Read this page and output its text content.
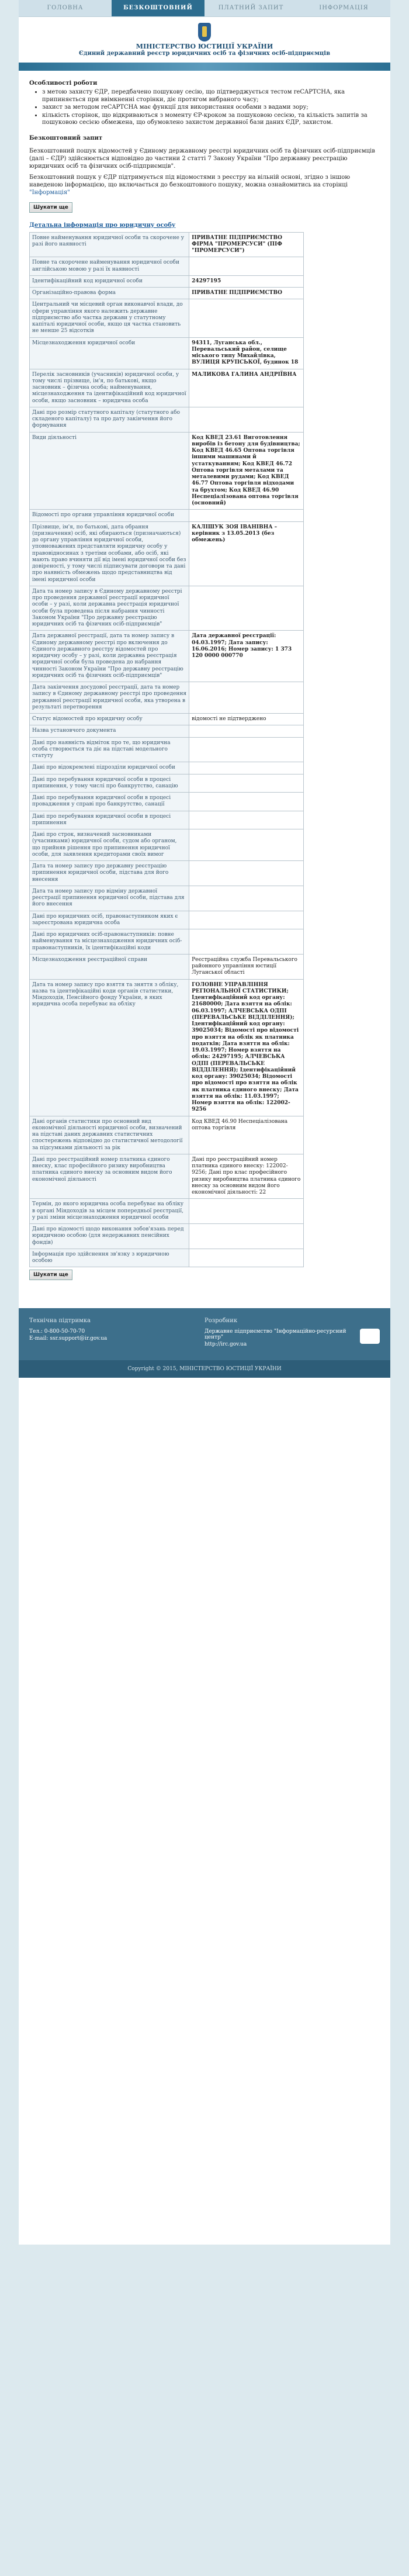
ГОЛОВНА	БЕЗКОШТОВНИЙ ЗАПИТ
ПЛАТНИЙ ЗАПИТ	ІНФОРМАЦІЯ
МІНІСТЕРСТВО ЮСТИЦІЇ УКРАЇНИ
Єдиний державний реєстр юридичних осіб та фізичних осіб-підприємців
Особливості роботи
• з метою захисту ЄДР, передбачено пошукову сесію, що підтверджується тестом reCAPTCHA, яка припиняється при ввімкненні сторінки, діє протягом вибраного часу;
• захист за методом reCAPTCHA має функції для використання особами з вадами зору;
• кількість сторінок, що відкриваються з моменту ЄР-кроком за пошуковою сесією, та кількість запитів за пошуковою сесією обмежена, що обумовлено захистом державної бази даних ЄДР, захистом.
Безкоштовний запит

Безкоштовний пошук відомостей у Єдиному державному реєстрі юридичних осіб та фізичних осіб-підприємців (далі – ЄДР) здійснюється відповідно до частини 2 статті 7 Закону України "Про державну реєстрацію юридичних осіб та фізичних осіб-підприємців".

Безкоштовний пошук у ЄДР підтримується під відомостями з реєстру на вільній основі, згідно з іншою наведеною інформацією, що включається до безкоштовного пошуку, можна ознайомитись на сторінці "Інформація"

Шукати ще
Детальна інформація про юридичну особу
Повне найменування юридичної особи та скорочене у разі його наявності	ПРИВАТНЕ ПІДПРИЄМСТВО ФІРМА "ПРОМЕРСУСИ" (ПІФ "ПРОМЕРСУСИ")
Повне та скорочене найменування юридичної особи англійською мовою у разі їх наявності	
Ідентифікаційний код юридичної особи	24297195
Організаційно-правова форма	ПРИВАТНЕ ПІДПРИЄМСТВО
Центральний чи місцевий орган виконавчої влади, до сфери управління якого належить державне підприємство або частка держави у статутному капіталі юридичної особи, якщо ця частка становить не менше 25 відсотків	
Місцезнаходження юридичної особи	94311, Луганська обл., Перевальський район, селище міського типу Михайлівка, ВУЛИЦЯ КРУПСЬКОЇ, будинок 18
Перелік засновників (учасників) юридичної особи, у тому числі прізвище, ім'я, по батькові, якщо засновник – фізична особа; найменування, місцезнаходження та ідентифікаційний код юридичної особи, якщо засновник – юридична особа	МАЛИКОВА ГАЛИНА АНДРІЇВНА
Дані про розмір статутного капіталу (статутного або складеного капіталу) та про дату закінчення його формування	
Види діяльності	Код КВЕД 23.61 Виготовлення виробів із бетону для будівництва; Код КВЕД 46.65 Оптова торгівля іншими машинами й устаткуванням; Код КВЕД 46.72 Оптова торгівля металами та металевими рудами; Код КВЕД 46.77 Оптова торгівля відходами та брухтом; Код КВЕД 46.90 Неспеціалізована оптова торгівля (основний)
Відомості про органи управління юридичної особи	
Прізвище, ім'я, по батькові, дата обрання (призначення) осіб, які обираються (призначаються) до органу управління юридичної особи, уповноважених представляти юридичну особу у правовідносинах з третіми особами, або осіб, які мають право вчиняти дії від імені юридичної особи без довіреності, у тому числі підписувати договори та дані про наявність обмежень щодо представництва від імені юридичної особи	КАЛІШУК ЗОЯ ІВАНІВНА – керівник з 13.05.2013 (без обмежень)
Дата та номер запису в Єдиному державному реєстрі про проведення державної реєстрації юридичної особи – у разі, коли державна реєстрація юридичної особи була проведена після набрання чинності Законом України "Про державну реєстрацію юридичних осіб та фізичних осіб-підприємців"	
Дата державної реєстрації, дата та номер запису в Єдиному державному реєстрі про включення до Єдиного державного реєстру відомостей про юридичну особу – у разі, коли державна реєстрація юридичної особи була проведена до набрання чинності Законом України "Про державну реєстрацію юридичних осіб та фізичних осіб-підприємців"	Дата державної реєстрації: 04.03.1997; Дата запису: 16.06.2016; Номер запису: 1 373 120 0000 000770
Дата закінчення досудової реєстрації, дата та номер запису в Єдиному державному реєстрі про проведення державної реєстрації юридичної особи, яка утворена в результаті перетворення	
Статус відомостей про юридичну особу	відомості не підтверджено
Назва установчого документа	
Дані про наявність відміток про те, що юридична особа створюється та діє на підставі модельного статуту	
Дані про відокремлені підрозділи юридичної особи	
Дані про перебування юридичної особи в процесі припинення, у тому числі про банкрутство, санацію	
Дані про перебування юридичної особи в процесі провадження у справі про банкрутство, санації	
Дані про перебування юридичної особи в процесі припинення	
Дані про строк, визначений засновниками (учасниками) юридичної особи, судом або органом, що прийняв рішення про припинення юридичної особи, для заявлення кредиторами своїх вимог	
Дата та номер запису про державну реєстрацію припинення юридичної особи, підстава для його внесення	
Дата та номер запису про відміну державної реєстрації припинення юридичної особи, підстава для його внесення	
Дані про юридичних осіб, правонаступником яких є зареєстрована юридична особа	
Дані про юридичних осіб-правонаступників: повне найменування та місцезнаходження юридичних осіб-правонаступників, їх ідентифікаційні коди	
Місцезнаходження реєстраційної справи	Реєстраційна служба Перевальського районного управління юстиції Луганської області
Дата та номер запису про взяття та зняття з обліку, назва та ідентифікаційні коди органів статистики, Міндоходів, Пенсійного фонду України, в яких юридична особа перебуває на обліку	ГОЛОВНЕ УПРАВЛІННЯ РЕГІОНАЛЬНОЇ СТАТИСТИКИ; Ідентифікаційний код органу: 21680000; Дата взяття на облік: 06.03.1997; АЛЧЕВСЬКА ОДПІ (ПЕРЕВАЛЬСЬКЕ ВІДДІЛЕННЯ); Ідентифікаційний код органу: 39025034; Відомості про відомості про взяття на облік як платника податків; Дата взяття на облік: 19.03.1997; Номер взяття на облік: 24297195; АЛЧЕВСЬКА ОДПІ (ПЕРЕВАЛЬСЬКЕ ВІДДІЛЕННЯ); Ідентифікаційний код органу: 39025034; Відомості про відомості про взяття на облік як платника єдиного внеску; Дата взяття на облік: 11.03.1997; Номер взяття на облік: 122002-9256
Дані органів статистики про основний вид економічної діяльності юридичної особи, визначений на підставі даних державних статистичних спостережень відповідно до статистичної методології за підсумками діяльності за рік	Код КВЕД 46.90 Неспеціалізована оптова торгівля
Дані про реєстраційний номер платника єдиного внеску, клас професійного ризику виробництва платника єдиного внеску за основним видом його економічної діяльності	Дані про реєстраційний номер платника єдиного внеску: 122002-9256; Дані про клас професійного ризику виробництва платника єдиного внеску за основним видом його економічної діяльності: 22
Термін, до якого юридична особа перебуває на обліку в органі Міндоходів за місцем попередньої реєстрації, у разі зміни місцезнаходження юридичної особи	
Дані про відомості щодо виконання зобов'язань перед юридичною особою (для недержавних пенсійних фондів)	
Інформація про здійснення зв'язку з юридичною особою	
Шукати ще
Технічна підтримка
Тел.: 0-800-50-70-70
E-mail: ssr.support@ir.gov.ua
Розробник
Державне підприємство "Інформаційно-ресурсний центр"
http://irc.gov.ua
Copyright © 2015, МІНІСТЕРСТВО ЮСТИЦІЇ УКРАЇНИ
